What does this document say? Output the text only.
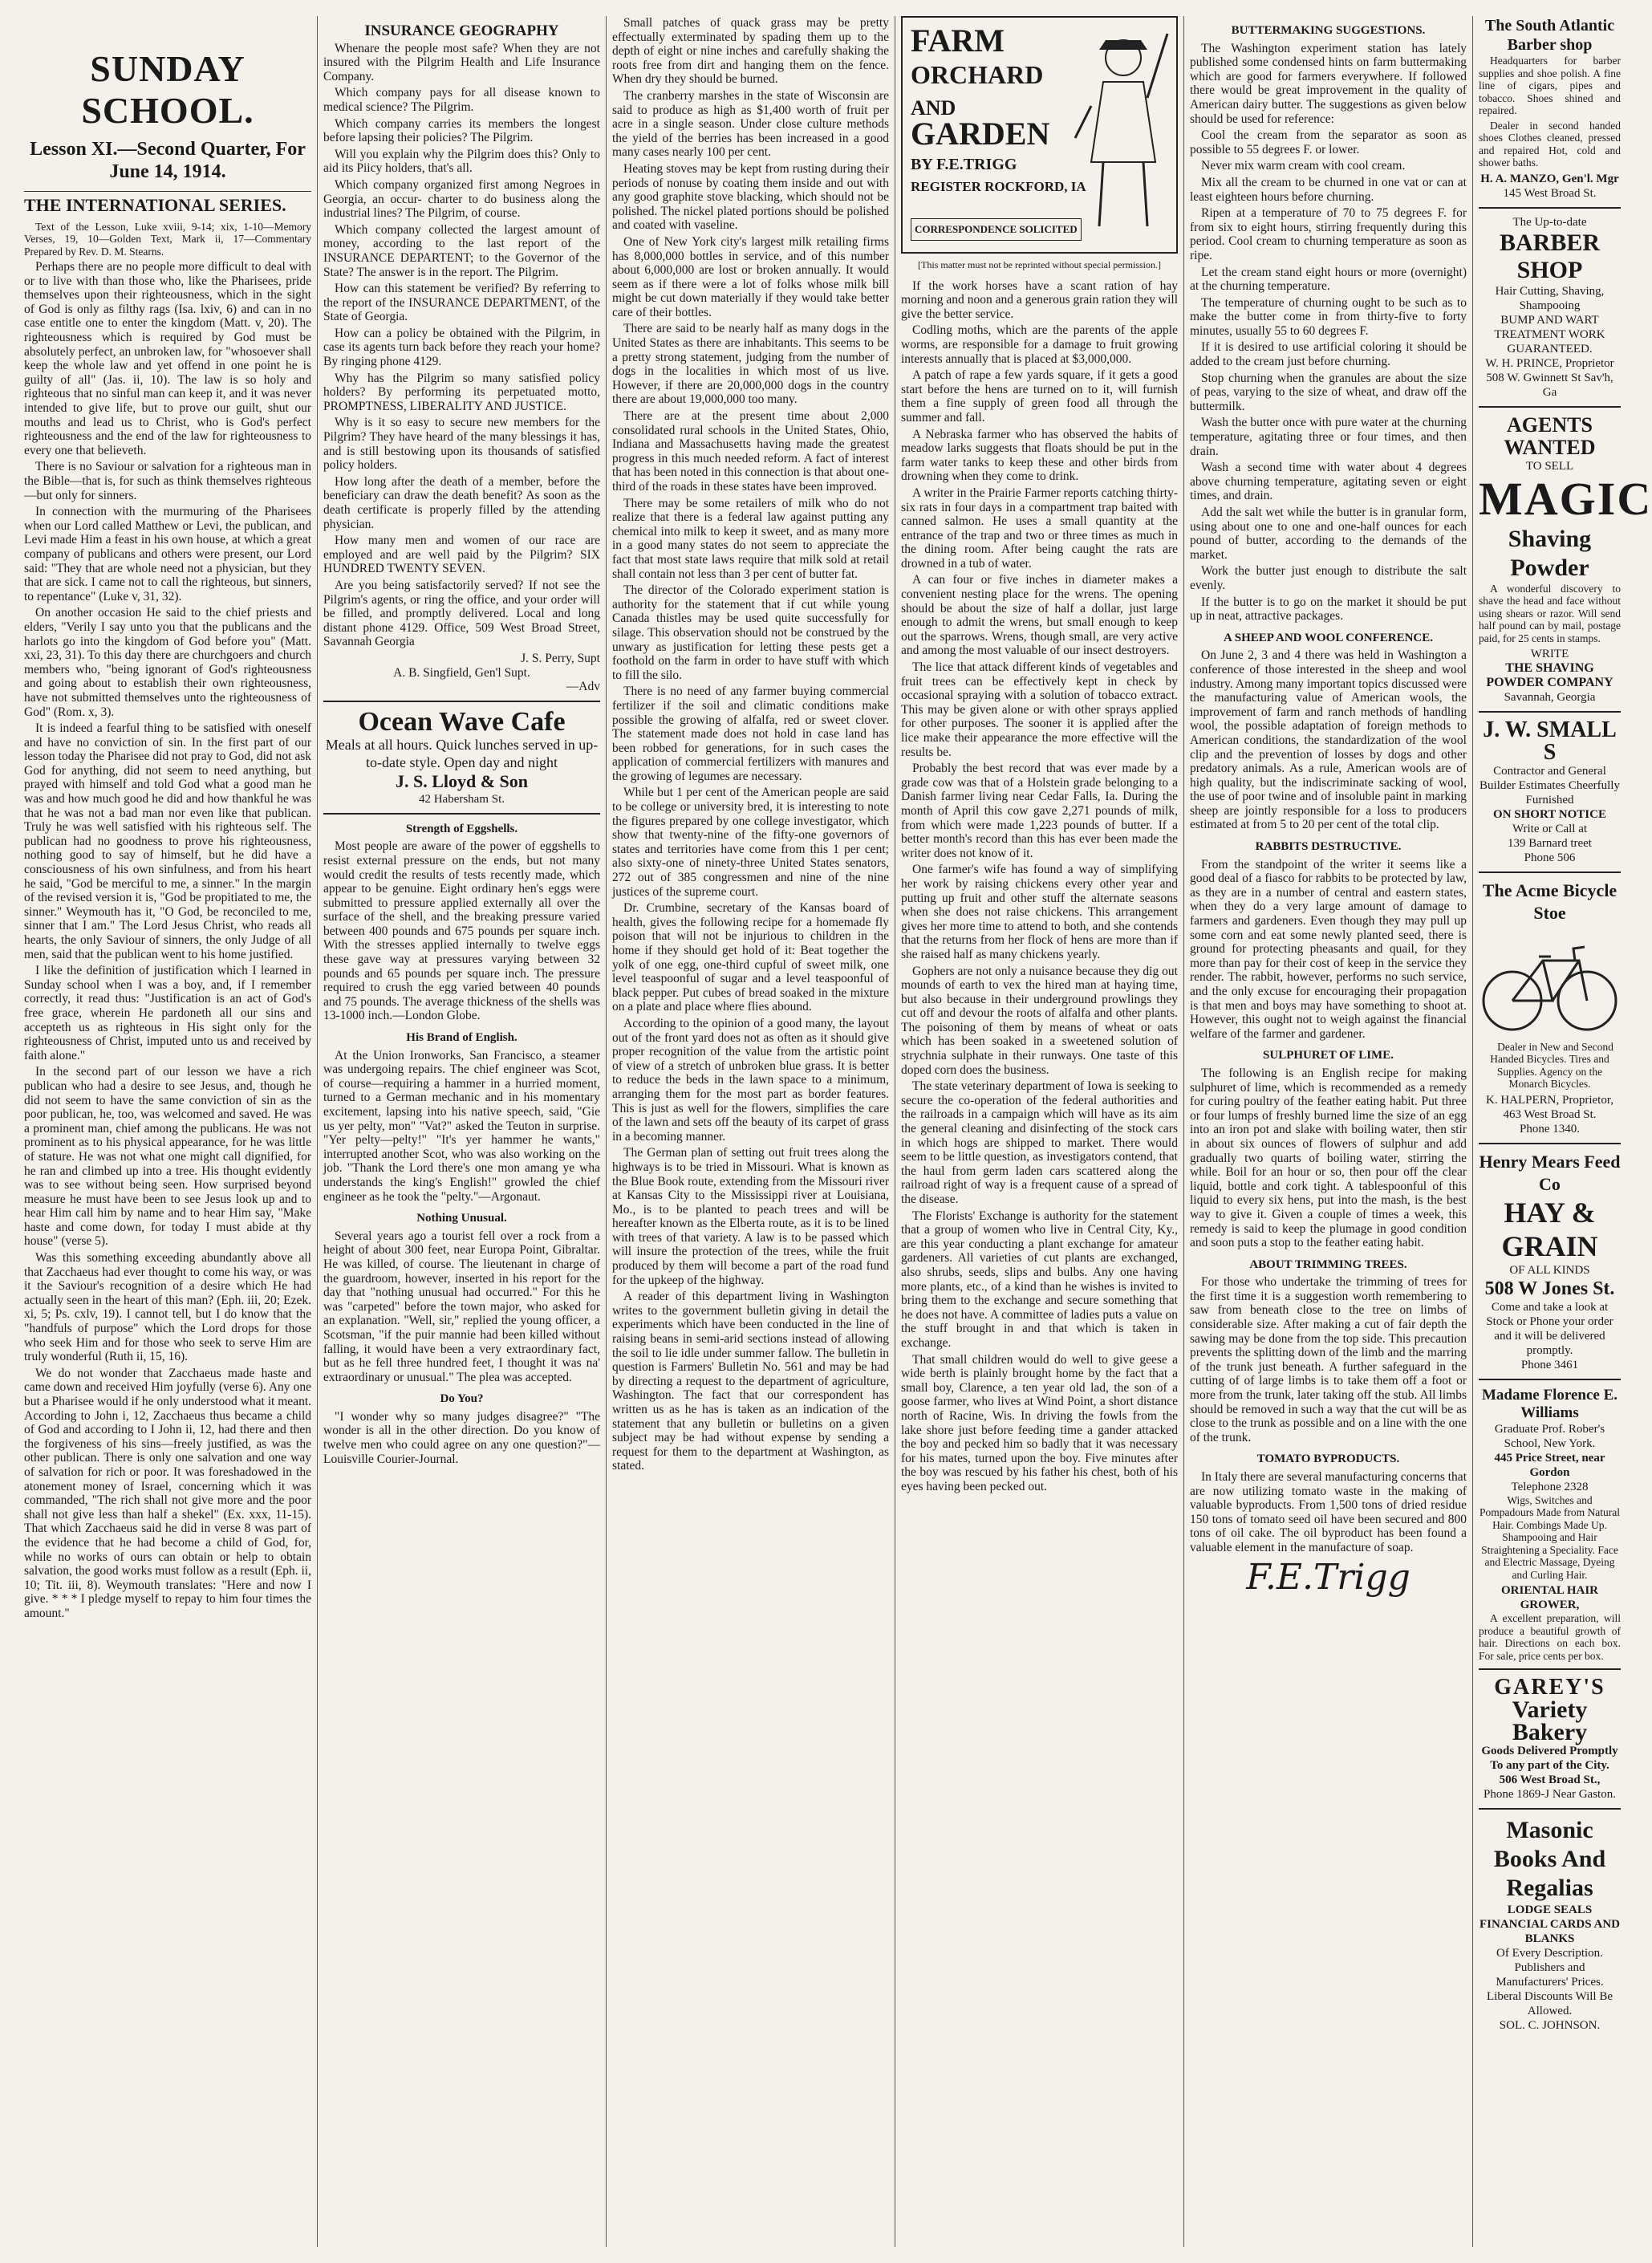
SUNDAY SCHOOL.
Lesson XI.—Second Quarter, For June 14, 1914.
THE INTERNATIONAL SERIES.

Text of the Lesson, Luke xviii, 9-14; xix, 1-10—Memory Verses, 19, 10—Golden Text, Mark ii, 17—Commentary Prepared by Rev. D. M. Stearns.

Perhaps there are no people more difficult to deal with or to live with than those who, like the Pharisees, pride themselves upon their righteousness, which in the sight of God is only as filthy rags (Isa. lxiv, 6) and can in no case entitle one to enter the kingdom (Matt. v, 20). The righteousness which is required by God must be absolutely perfect, an unbroken law, for "whosoever shall keep the whole law and yet offend in one point he is guilty of all" (Jas. ii, 10). The law is so holy and righteous that no sinful man can keep it, and it was never intended to give life, but to prove our guilt, shut our mouths and lead us to Christ, who is God's perfect righteousness and the end of the law for righteousness to every one that believeth.

There is no Saviour or salvation for a righteous man in the Bible—that is, for such as think themselves righteous—but only for sinners.

In connection with the murmuring of the Pharisees when our Lord called Matthew or Levi, the publican, and Levi made Him a feast in his own house, at which a great company of publicans and others were present, our Lord said: "They that are whole need not a physician, but they that are sick. I came not to call the righteous, but sinners, to repentance" (Luke v, 31, 32).

On another occasion He said to the chief priests and elders, "Verily I say unto you that the publicans and the harlots go into the kingdom of God before you" (Matt. xxi, 23, 31). To this day there are churchgoers and church members who, "being ignorant of God's righteousness and going about to establish their own righteousness, have not submitted themselves unto the righteousness of God" (Rom. x, 3).

It is indeed a fearful thing to be satisfied with oneself and have no conviction of sin. In the first part of our lesson today the Pharisee did not pray to God, did not ask God for anything, did not seem to need anything, but prayed with himself and told God what a good man he was and how much good he did and how thankful he was that he was not a bad man nor even like that publican. Truly he was well satisfied with his righteous self. The publican had no goodness to prove his righteousness, nothing good to say of himself, but he did have a consciousness of his own sinfulness, and from his heart he said, "God be merciful to me, a sinner." In the margin of the revised version it is, "God be propitiated to me, the sinner." Weymouth has it, "O God, be reconciled to me, sinner that I am." The Lord Jesus Christ, who reads all hearts, the only Saviour of sinners, the only Judge of all men, said that the publican went to his home justified.

I like the definition of justification which I learned in Sunday school when I was a boy, and, if I remember correctly, it read thus: "Justification is an act of God's free grace, wherein He pardoneth all our sins and accepteth us as righteous in His sight only for the righteousness of Christ, imputed unto us and received by faith alone."

In the second part of our lesson we have a rich publican who had a desire to see Jesus, and, though he did not seem to have the same conviction of sin as the poor publican, he, too, was welcomed and saved. He was a prominent man, chief among the publicans. He was not prominent as to his physical appearance, for he was little of stature. He was not what one might call dignified, for he ran and climbed up into a tree. His thought evidently was to see without being seen. How surprised beyond measure he must have been to see Jesus look up and to hear Him call him by name and to hear Him say, "Make haste and come down, for today I must abide at thy house" (verse 5).

Was this something exceeding abundantly above all that Zacchaeus had ever thought to come his way, or was it the Saviour's recognition of a desire which He had actually seen in the heart of this man? (Eph. iii, 20; Ezek. xi, 5; Ps. cxlv, 19). I cannot tell, but I do know that the "handfuls of purpose" which the Lord drops for those who seek Him and for those who seek to serve Him are truly wonderful (Ruth ii, 15, 16).

We do not wonder that Zacchaeus made haste and came down and received Him joyfully (verse 6). Any one but a Pharisee would if he only understood what it meant. According to John i, 12, Zacchaeus thus became a child of God and according to I John ii, 12, had there and then the forgiveness of his sins—freely justified, as was the other publican. There is only one salvation and one way of salvation for rich or poor. It was foreshadowed in the atonement money of Israel, concerning which it was commanded, "The rich shall not give more and the poor shall not give less than half a shekel" (Ex. xxx, 11-15). That which Zacchaeus said he did in verse 8 was part of the evidence that he had become a child of God, for, while no works of ours can obtain or help to obtain salvation, the good works must follow as a result (Eph. ii, 10; Tit. iii, 8). Weymouth translates: "Here and now I give. * * * I pledge myself to repay to him four times the amount."

INSURANCE GEOGRAPHY

Whenare the people most safe? When they are not insured with the Pilgrim Health and Life Insurance Company.

Which company pays for all disease known to medical science? The Pilgrim.

Which company carries its members the longest before lapsing their policies? The Pilgrim.

Will you explain why the Pilgrim does this? Only to aid its Piicy holders, that's all.

Which company organized first among Negroes in Georgia, an occur- charter to do business along the industrial lines? The Pilgrim, of course.

Which company collected the largest amount of money, according to the last report of the INSURANCE DEPARTENT; to the Governor of the State? The answer is in the report. The Pilgrim.

How can this statement be verified? By referring to the report of the INSURANCE DEPARTMENT, of the State of Georgia.

How can a policy be obtained with the Pilgrim, in case its agents turn back before they reach your home? By ringing phone 4129.

Why has the Pilgrim so many satisfied policy holders? By performing its perpetuated motto, PROMPTNESS, LIBERALITY AND JUSTICE.

Why is it so easy to secure new members for the Pilgrim? They have heard of the many blessings it has, and is still bestowing upon its thousands of satisfied policy holders.

How long after the death of a member, before the beneficiary can draw the death benefit? As soon as the death certificate is properly filled by the attending physician.

How many men and women of our race are employed and are well paid by the Pilgrim? SIX HUNDRED TWENTY SEVEN.

Are you being satisfactorily served? If not see the Pilgrim's agents, or ring the office, and your order will be filled, and promptly delivered. Local and long distant phone 4129. Office, 509 West Broad Street, Savannah Georgia

J. S. Perry, Supt
A. B. Singfield, Gen'l Supt.
—Adv
Ocean Wave Cafe
Meals at all hours. Quick lunches served in up-to-date style. Open day and night
J. S. Lloyd & Son
42 Habersham St.
Strength of Eggshells.

Most people are aware of the power of eggshells to resist external pressure on the ends, but not many would credit the results of tests recently made, which appear to be genuine. Eight ordinary hen's eggs were submitted to pressure applied externally all over the surface of the shell, and the breaking pressure varied between 400 pounds and 675 pounds per square inch. With the stresses applied internally to twelve eggs these gave way at pressures varying between 32 pounds and 65 pounds per square inch. The pressure required to crush the egg varied between 40 pounds and 75 pounds. The average thickness of the shells was 13-1000 inch.—London Globe.

His Brand of English.

At the Union Ironworks, San Francisco, a steamer was undergoing repairs. The chief engineer was Scot, of course—requiring a hammer in a hurried moment, turned to a German mechanic and in his momentary excitement, lapsing into his native speech, said, "Gie us yer pelty, mon" "Vat?" asked the Teuton in surprise. "Yer pelty—pelty!" "It's yer hammer he wants," interrupted another Scot, who was also working on the job. "Thank the Lord there's one mon amang ye wha understands the king's English!" growled the chief engineer as he took the "pelty."—Argonaut.

Nothing Unusual.

Several years ago a tourist fell over a rock from a height of about 300 feet, near Europa Point, Gibraltar. He was killed, of course. The lieutenant in charge of the guardroom, however, inserted in his report for the day that "nothing unusual had occurred." For this he was "carpeted" before the town major, who asked for an explanation. "Well, sir," replied the young officer, a Scotsman, "if the puir mannie had been killed without falling, it would have been a very extraordinary fact, but as he fell three hundred feet, I thought it was na' extraordinary or unusual." The plea was accepted.

Do You?

"I wonder why so many judges disagree?" "The wonder is all in the other direction. Do you know of twelve men who could agree on any one question?"—Louisville Courier-Journal.

Small patches of quack grass may be pretty effectually exterminated by spading them up to the depth of eight or nine inches and carefully shaking the roots free from dirt and hanging them on the fence. When dry they should be burned.

The cranberry marshes in the state of Wisconsin are said to produce as high as $1,400 worth of fruit per acre in a single season. Under close culture methods the yield of the berries has been increased in a good many cases nearly 100 per cent.

Heating stoves may be kept from rusting during their periods of nonuse by coating them inside and out with any good graphite stove blacking, which should not be polished. The nickel plated portions should be polished and coated with vaseline.

One of New York city's largest milk retailing firms has 8,000,000 bottles in service, and of this number about 6,000,000 are lost or broken annually. It would seem as if there were a lot of folks whose milk bill might be cut down materially if they would take better care of their bottles.

There are said to be nearly half as many dogs in the United States as there are inhabitants. This seems to be a pretty strong statement, judging from the number of dogs in the localities in which most of us live. However, if there are 20,000,000 dogs in the country there are about 19,000,000 too many.

There are at the present time about 2,000 consolidated rural schools in the United States, Ohio, Indiana and Massachusetts having made the greatest progress in this much needed reform. A fact of interest that has been noted in this connection is that about one-third of the roads in these states have been improved.

There may be some retailers of milk who do not realize that there is a federal law against putting any chemical into milk to keep it sweet, and as many more in a good many states do not seem to appreciate the fact that most state laws require that milk sold at retail shall contain not less than 3 per cent of butter fat.

The director of the Colorado experiment station is authority for the statement that if cut while young Canada thistles may be used quite successfully for silage. This observation should not be construed by the unwary as justification for letting these pests get a foothold on the farm in order to have stuff with which to fill the silo.

There is no need of any farmer buying commercial fertilizer if the soil and climatic conditions make possible the growing of alfalfa, red or sweet clover. The statement made does not hold in case land has been robbed for generations, for in such cases the application of commercial fertilizers with manures and the growing of legumes are necessary.

While but 1 per cent of the American people are said to be college or university bred, it is interesting to note the figures prepared by one college investigator, which show that twenty-nine of the fifty-one governors of states and territories have come from this 1 per cent; also sixty-one of ninety-three United States senators, 272 out of 385 congressmen and nine of the nine justices of the supreme court.

Dr. Crumbine, secretary of the Kansas board of health, gives the following recipe for a homemade fly poison that will not be injurious to children in the home if they should get hold of it: Beat together the yolk of one egg, one-third cupful of sweet milk, one level teaspoonful of sugar and a level teaspoonful of black pepper. Put cubes of bread soaked in the mixture on a plate and place where flies abound.

According to the opinion of a good many, the layout out of the front yard does not as often as it should give proper recognition of the value from the artistic point of view of a stretch of unbroken blue grass. It is better to reduce the beds in the lawn space to a minimum, arranging them for the most part as border features. This is just as well for the flowers, simplifies the care of the lawn and sets off the beauty of its carpet of grass in a becoming manner.

The German plan of setting out fruit trees along the highways is to be tried in Missouri. What is known as the Blue Book route, extending from the Missouri river at Kansas City to the Mississippi river at Louisiana, Mo., is to be planted to peach trees and will be hereafter known as the Elberta route, as it is to be lined with trees of that variety. A law is to be passed which will insure the protection of the trees, while the fruit produced by them will become a part of the road fund for the upkeep of the highway.

A reader of this department living in Washington writes to the government bulletin giving in detail the experiments which have been conducted in the line of raising beans in semi-arid sections instead of allowing the soil to lie idle under summer fallow. The bulletin in question is Farmers' Bulletin No. 561 and may be had by directing a request to the department of agriculture, Washington. The fact that our correspondent has written us as he has is taken as an indication of the statement that any bulletin or bulletins on a given subject may be had without expense by sending a request for them to the department at Washington, as stated.

FARM
ORCHARD
AND
GARDEN
BY F.E.TRIGG
REGISTER ROCKFORD, IA
CORRESPONDENCE SOLICITED
[This matter must not be reprinted without special permission.]

If the work horses have a scant ration of hay morning and noon and a generous grain ration they will give the better service.

Codling moths, which are the parents of the apple worms, are responsible for a damage to fruit growing interests annually that is placed at $3,000,000.

A patch of rape a few yards square, if it gets a good start before the hens are turned on to it, will furnish them a fine supply of green food all through the summer and fall.

A Nebraska farmer who has observed the habits of meadow larks suggests that floats should be put in the farm water tanks to keep these and other birds from drowning when they come to drink.

A writer in the Prairie Farmer reports catching thirty-six rats in four days in a compartment trap baited with canned salmon. He uses a small quantity at the entrance of the trap and two or three times as much in the dining room. After being caught the rats are drowned in a tub of water.

A can four or five inches in diameter makes a convenient nesting place for the wrens. The opening should be about the size of half a dollar, just large enough to admit the wrens, but small enough to keep out the sparrows. Wrens, though small, are very active and among the most valuable of our insect destroyers.

The lice that attack different kinds of vegetables and fruit trees can be effectively kept in check by occasional spraying with a solution of tobacco extract. This may be given alone or with other sprays applied for other purposes. The sooner it is applied after the lice make their appearance the more effective will the results be.

Probably the best record that was ever made by a grade cow was that of a Holstein grade belonging to a Danish farmer living near Cedar Falls, Ia. During the month of April this cow gave 2,271 pounds of milk, from which were made 1,223 pounds of butter. If a better month's record than this has ever been made the writer does not know of it.

One farmer's wife has found a way of simplifying her work by raising chickens every other year and putting up fruit and other stuff the alternate seasons when she does not raise chickens. This arrangement gives her more time to attend to both, and she contends that the returns from her flock of hens are more than if she raised half as many chickens yearly.

Gophers are not only a nuisance because they dig out mounds of earth to vex the hired man at haying time, but also because in their underground prowlings they cut off and devour the roots of alfalfa and other plants. The poisoning of them by means of wheat or oats which has been soaked in a sweetened solution of strychnia sulphate in their runways. One taste of this doped corn does the business.

The state veterinary department of Iowa is seeking to secure the co-operation of the federal authorities and the railroads in a campaign which will have as its aim the general cleaning and disinfecting of the stock cars in which hogs are shipped to market. There would seem to be little question, as investigators contend, that the haul from germ laden cars scattered along the railroad right of way is a frequent cause of a spread of the disease.

The Florists' Exchange is authority for the statement that a group of women who live in Central City, Ky., are this year conducting a plant exchange for amateur gardeners. All varieties of cut plants are exchanged, also shrubs, seeds, slips and bulbs. Any one having more plants, etc., of a kind than he wishes is invited to bring them to the exchange and secure something that he does not have. A committee of ladies puts a value on the stuff brought in and that which is taken in exchange.

That small children would do well to give geese a wide berth is plainly brought home by the fact that a small boy, Clarence, a ten year old lad, the son of a goose farmer, who lives at Wind Point, a short distance north of Racine, Wis. In driving the fowls from the lake shore just before feeding time a gander attacked the boy and pecked him so badly that it was necessary for his mates, turned upon the boy. Five minutes after the boy was rescued by his father his chest, both of his eyes having been pecked out.

BUTTERMAKING SUGGESTIONS.

The Washington experiment station has lately published some condensed hints on farm buttermaking which are good for farmers everywhere. If followed there would be great improvement in the quality of American dairy butter. The suggestions as given below should be used for reference:

Cool the cream from the separator as soon as possible to 55 degrees F. or lower.

Never mix warm cream with cool cream.

Mix all the cream to be churned in one vat or can at least eighteen hours before churning.

Ripen at a temperature of 70 to 75 degrees F. for from six to eight hours, stirring frequently during this period. Cool cream to churning temperature as soon as ripe.

Let the cream stand eight hours or more (overnight) at the churning temperature.

The temperature of churning ought to be such as to make the butter come in from thirty-five to forty minutes, usually 55 to 60 degrees F.

If it is desired to use artificial coloring it should be added to the cream just before churning.

Stop churning when the granules are about the size of peas, varying to the size of wheat, and draw off the buttermilk.

Wash the butter once with pure water at the churning temperature, agitating three or four times, and then drain.

Wash a second time with water about 4 degrees above churning temperature, agitating seven or eight times, and drain.

Add the salt wet while the butter is in granular form, using about one to one and one-half ounces for each pound of butter, according to the demands of the market.

Work the butter just enough to distribute the salt evenly.

If the butter is to go on the market it should be put up in neat, attractive packages.

A SHEEP AND WOOL CONFERENCE.

On June 2, 3 and 4 there was held in Washington a conference of those interested in the sheep and wool industry. Among many important topics discussed were the manufacturing value of American wools, the improvement of farm and ranch methods of handling wool, the possible adaptation of foreign methods to American conditions, the standardization of the wool clip and the prevention of losses by dogs and other predatory animals. As a rule, American wools are of high quality, but the indiscriminate sacking of wool, the use of poor twine and of insoluble paint in marking sheep are jointly responsible for a loss to producers estimated at from 5 to 20 per cent of the total clip.

RABBITS DESTRUCTIVE.

From the standpoint of the writer it seems like a good deal of a fiasco for rabbits to be protected by law, as they are in a number of central and eastern states, when they do a very large amount of damage to farmers and gardeners. Even though they may pull up some corn and eat some newly planted seed, there is ground for protecting pheasants and quail, for they more than pay for their cost of keep in the service they render. The rabbit, however, performs no such service, and the only excuse for encouraging their propagation is that men and boys may have something to shoot at. However, this ought not to weigh against the financial welfare of the farmer and gardener.

SULPHURET OF LIME.

The following is an English recipe for making sulphuret of lime, which is recommended as a remedy for curing poultry of the feather eating habit. Put three or four lumps of freshly burned lime the size of an egg into an iron pot and slake with boiling water, then stir in about six ounces of flowers of sulphur and add gradually two quarts of boiling water, stirring the while. Boil for an hour or so, then pour off the clear liquid, bottle and cork tight. A tablespoonful of this liquid to every six hens, put into the mash, is the best way to give it. Given a couple of times a week, this remedy is said to keep the plumage in good condition and soon puts a stop to the feather eating habit.

ABOUT TRIMMING TREES.

For those who undertake the trimming of trees for the first time it is a suggestion worth remembering to saw from beneath close to the tree on limbs of considerable size. After making a cut of fair depth the sawing may be done from the top side. This precaution prevents the splitting down of the limb and the marring of the trunk just beneath. A further safeguard in the cutting of of large limbs is to take them off a foot or more from the trunk, later taking off the stub. All limbs should be removed in such a way that the cut will be as close to the trunk as possible and on a line with the one of the trunk.

TOMATO BYPRODUCTS.

In Italy there are several manufacturing concerns that are now utilizing tomato waste in the making of valuable byproducts. From 1,500 tons of dried residue 150 tons of tomato seed oil have been secured and 800 tons of oil cake. The oil byproduct has been found a valuable element in the manufacture of soap.

F.E.Trigg
The South Atlantic Barber shop

Headquarters for barber supplies and shoe polish. A fine line of cigars, pipes and tobacco. Shoes shined and repaired.

Dealer in second handed shoes Clothes cleaned, pressed and repaired Hot, cold and shower baths.

H. A. MANZO, Gen'l. Mgr
145 West Broad St.
The Up-to-date
BARBER SHOP
Hair Cutting, Shaving, Shampooing
BUMP AND WART TREATMENT WORK GUARANTEED.
W. H. PRINCE, Proprietor
508 W. Gwinnett St Sav'h, Ga
AGENTS WANTED
TO SELL
MAGIC
Shaving Powder

A wonderful discovery to shave the head and face without using shears or razor. Will send half pound can by mail, postage paid, for 25 cents in stamps.

WRITE
THE SHAVING POWDER COMPANY
Savannah, Georgia
J. W. SMALL S
Contractor and General Builder Estimates Cheerfully Furnished
ON SHORT NOTICE
Write or Call at
139 Barnard treet
Phone 506
The Acme Bicycle Stoe

Dealer in New and Second Handed Bicycles. Tires and Supplies. Agency on the Monarch Bicycles.

K. HALPERN, Proprietor,
463 West Broad St.
Phone 1340.
Henry Mears Feed Co
HAY & GRAIN
OF ALL KINDS
508 W Jones St.
Come and take a look at Stock or Phone your order and it will be delivered promptly.
Phone 3461
Madame Florence E. Williams
Graduate Prof. Rober's School, New York.
445 Price Street, near Gordon
Telephone 2328

Wigs, Switches and Pompadours Made from Natural Hair. Combings Made Up. Shampooing and Hair Straightening a Speciality. Face and Electric Massage, Dyeing and Curling Hair.

ORIENTAL HAIR GROWER,

A excellent preparation, will produce a beautiful growth of hair. Directions on each box. For sale, price cents per box.

GAREY'S
Variety Bakery
Goods Delivered Promptly To any part of the City.
506 West Broad St.,
Phone 1869-J Near Gaston.
Masonic Books And Regalias
LODGE SEALS
FINANCIAL CARDS AND BLANKS
Of Every Description.
Publishers and Manufacturers' Prices.
Liberal Discounts Will Be Allowed.
SOL. C. JOHNSON.
